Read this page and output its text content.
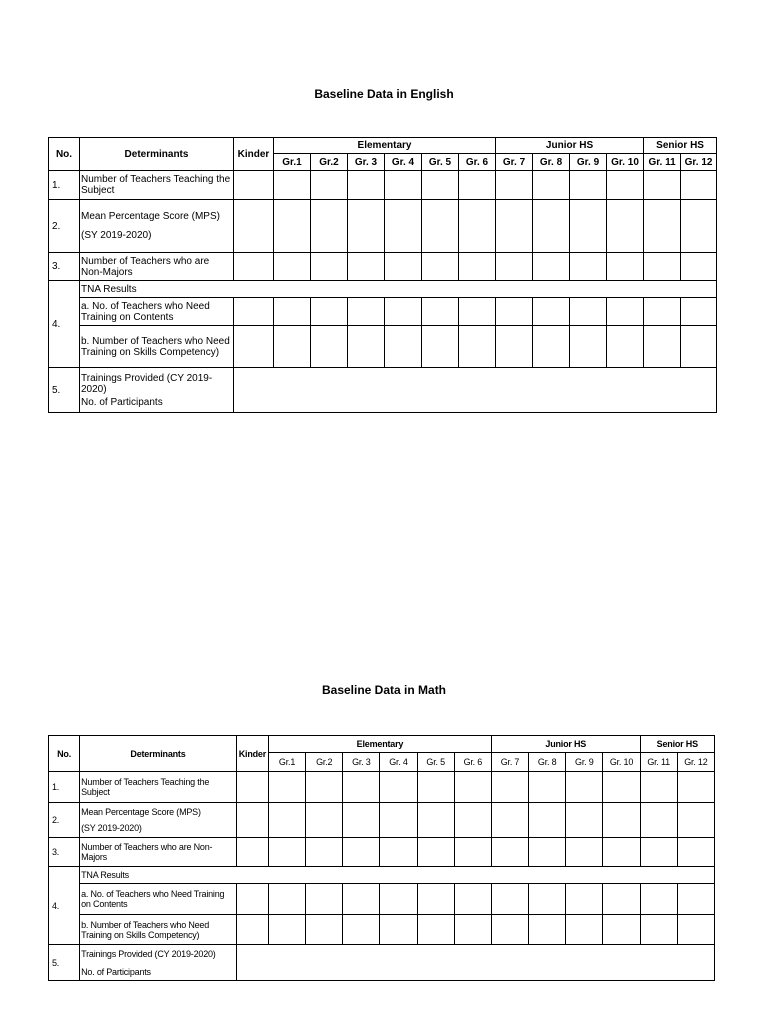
Baseline Data in English
No.	Determinants	Kinder	Elementary						Junior HS				Senior HS	
			Gr.1	Gr.2	Gr. 3	Gr. 4	Gr. 5	Gr. 6	Gr. 7	Gr. 8	Gr. 9	Gr. 10	Gr. 11	Gr. 12
1.	Number of Teachers Teaching the Subject													
2.	Mean Percentage Score (MPS)
(SY 2019-2020)													

3.	Number of Teachers who are Non-Majors													
4.	TNA Results													
	a. No. of Teachers who Need Training on Contents													
	b. Number of Teachers who Need Training on Skills Competency)													
5.	Trainings Provided (CY 2019-2020)
No. of Participants													

Baseline Data in Math
No.	Determinants	Kinder	Elementary						Junior HS				Senior HS	
			Gr.1	Gr.2	Gr. 3	Gr. 4	Gr. 5	Gr. 6	Gr. 7	Gr. 8	Gr. 9	Gr. 10	Gr. 11	Gr. 12
1.	Number of Teachers Teaching the Subject													
2.	Mean Percentage Score (MPS)
(SY 2019-2020)													

3.	Number of Teachers who are Non-Majors													
4.	TNA Results													
	a. No. of Teachers who Need Training on Contents													
	b. Number of Teachers who Need Training on Skills Competency)													
5.	Trainings Provided (CY 2019-2020)
No. of Participants													
